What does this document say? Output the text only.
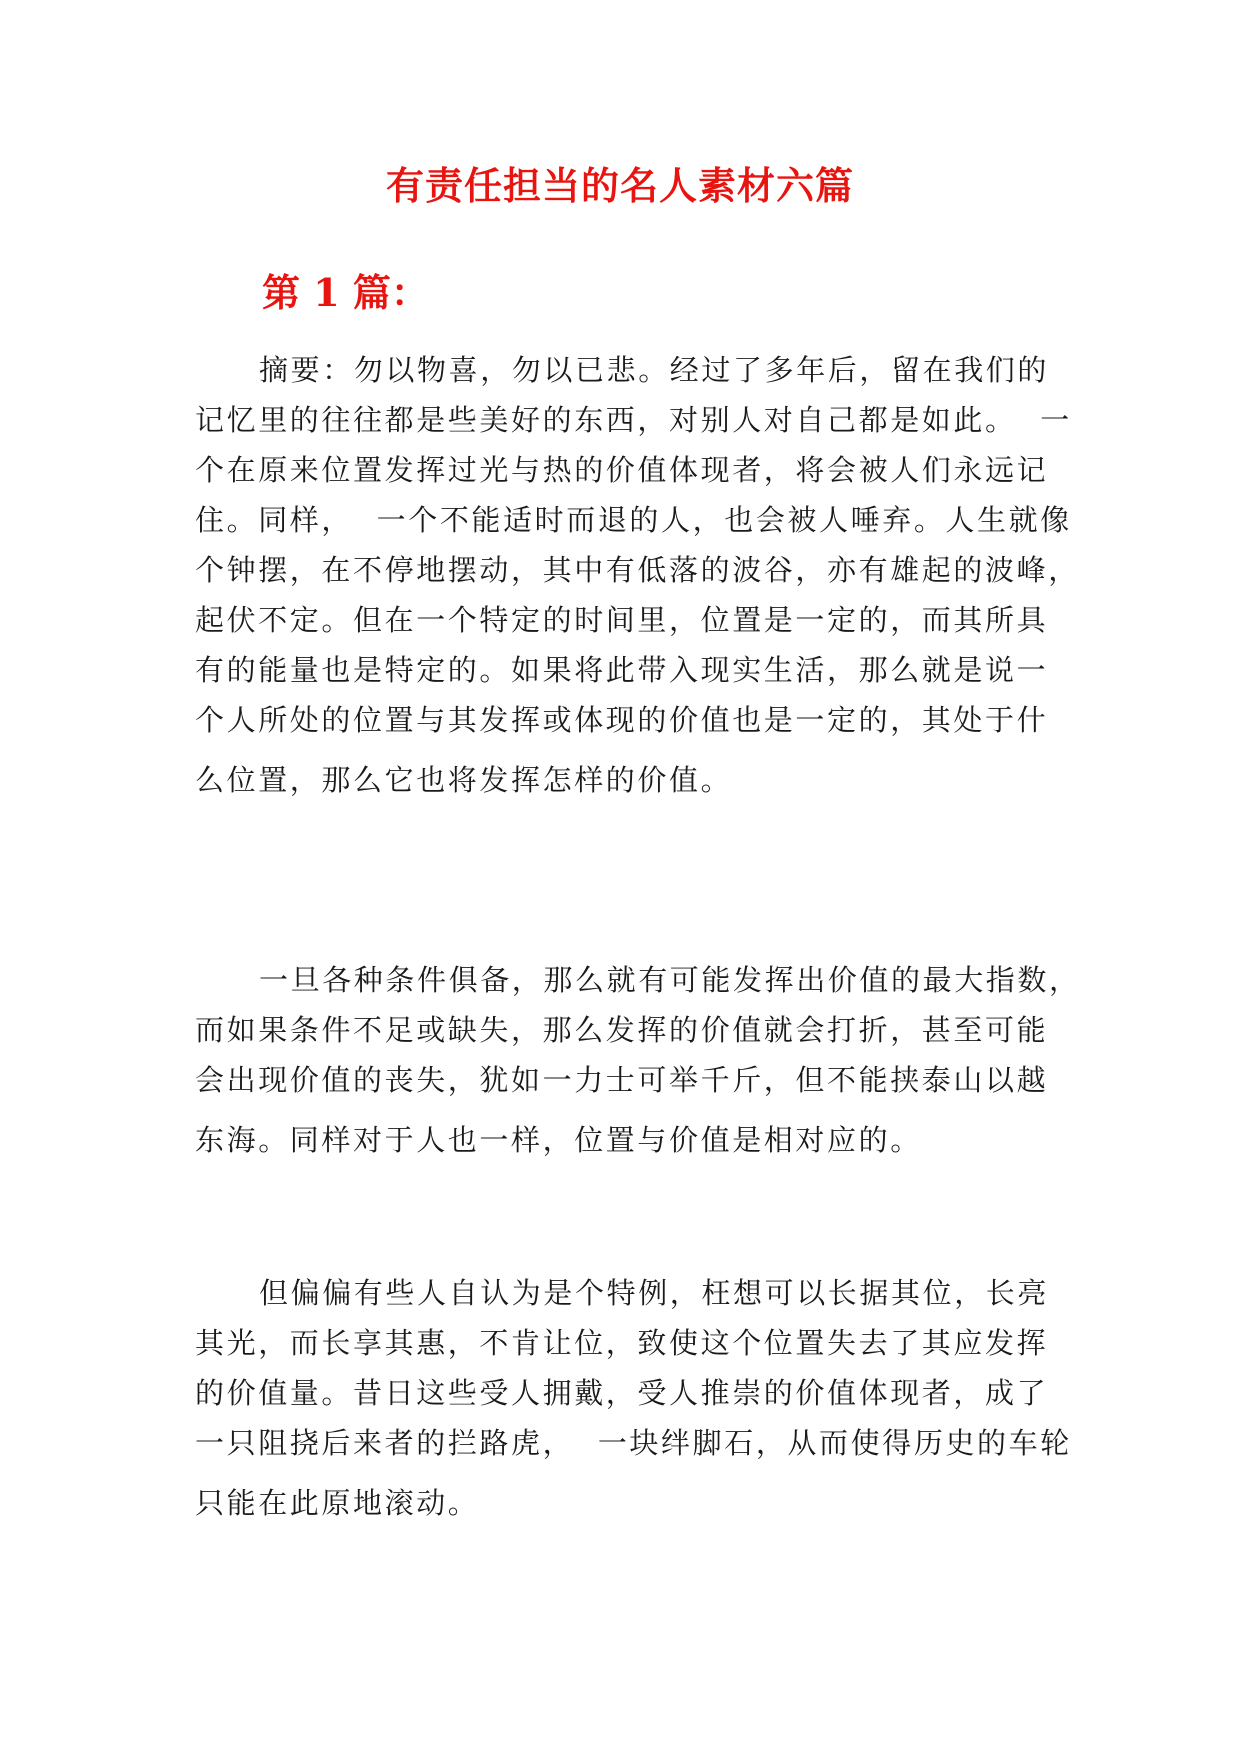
有责任担当的名人素材六篇
第 1 篇：
摘要：勿以物喜，勿以已悲。经过了多年后，留在我们的
记忆里的往往都是些美好的东西，对别人对自己都是如此。  一
个在原来位置发挥过光与热的价值体现者，将会被人们永远记
住。同样，  一个不能适时而退的人，也会被人唾弃。人生就像
个钟摆，在不停地摆动，其中有低落的波谷，亦有雄起的波峰，
起伏不定。但在一个特定的时间里，位置是一定的，而其所具
有的能量也是特定的。如果将此带入现实生活，那么就是说一
个人所处的位置与其发挥或体现的价值也是一定的，其处于什
么位置，那么它也将发挥怎样的价值。
一旦各种条件俱备，那么就有可能发挥出价值的最大指数，
而如果条件不足或缺失，那么发挥的价值就会打折，甚至可能
会出现价值的丧失，犹如一力士可举千斤，但不能挟泰山以越
东海。同样对于人也一样，位置与价值是相对应的。
但偏偏有些人自认为是个特例，枉想可以长据其位，长亮
其光，而长享其惠，不肯让位，致使这个位置失去了其应发挥
的价值量。昔日这些受人拥戴，受人推崇的价值体现者，成了
一只阻挠后来者的拦路虎，  一块绊脚石，从而使得历史的车轮
只能在此原地滚动。
